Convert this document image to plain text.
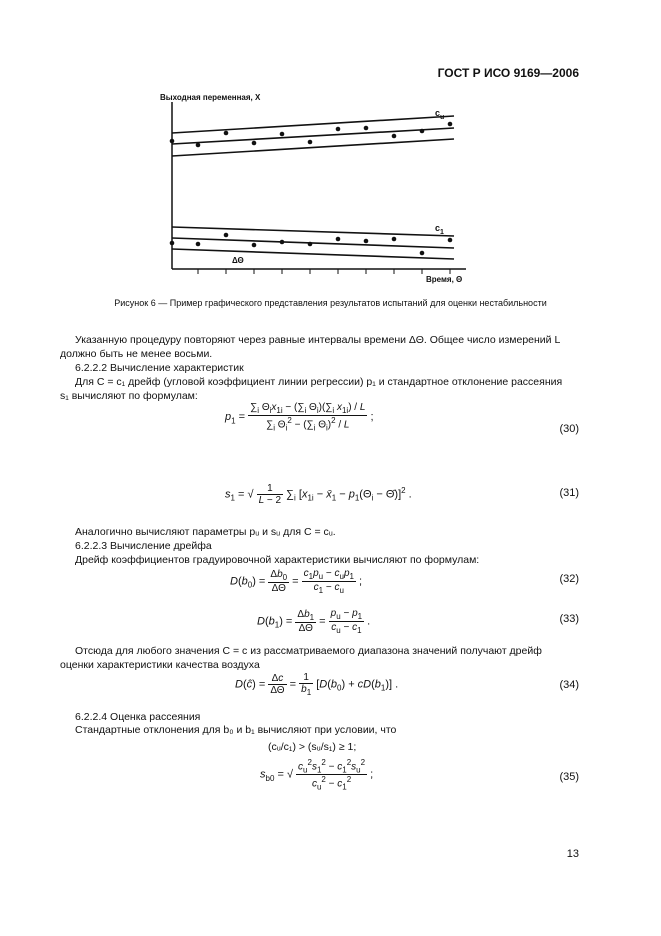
ГОСТ Р ИСО 9169—2006
Выходная переменная, X
Время, Θ
$c_u$
$c_1$
ΔΘ
Рисунок 6 — Пример графического представления результатов испытаний для оценки нестабильности
Указанную процедуру повторяют через равные интервалы времени ΔΘ. Общее число измерений L
должно быть не менее восьми.
6.2.2.2 Вычисление характеристик
Для C = c₁ дрейф (угловой коэффициент линии регрессии) p₁ и стандартное отклонение рассеяния
s₁ вычисляют по формулам:
$p_1 = \frac{\sum_i \Theta_ix_{1i} - (\sum_i \Theta_i)(\sum_i x_{1i}) / L}{\sum_i \Theta_i^2 - (\sum_i \Theta_i)^2 / L}$ ;
(30)
$s_1$ = √ $\frac{1}{L - 2} \sum_i$ [$x_{1i}$ − $x̄_1 - p_1(\Theta_i$ − Θ̄)]$^2$ .	(31)
Аналогично вычисляют параметры pᵤ и sᵤ для C = cᵤ.
6.2.2.3 Вычисление дрейфа
Дрейф коэффициентов градуировочной характеристики вычисляют по формулам:
$D(b_0) = \frac{\Delta b_0}{\Delta\Theta} = \frac{c_1p_u - c_up_1}{c_1 - c_u}$ ;	(32)
$D(b_1) = \frac{\Delta b_1}{\Delta\Theta} = \frac{p_u - p_1}{c_u - c_1}$ .	(33)
Отсюда для любого значения C = c из рассматриваемого диапазона значений получают дрейф
оценки характеристики качества воздуха
D(ĉ) = $\frac{\Delta c}{\Delta\Theta} = \frac{1}{b_1} [D(b_0) + cD(b_1)]$ .	(34)
6.2.2.4 Оценка рассеяния
Стандартные отклонения для b₀ и b₁ вычисляют при условии, что
(cᵤ/c₁) > (sᵤ/s₁) ≥ 1;
$s_{b0}$ = √ $\frac{c_u^2s_1^2 - c_1^2s_u^2}{c_u^2 - c_1^2}$ ;	(35)
13
